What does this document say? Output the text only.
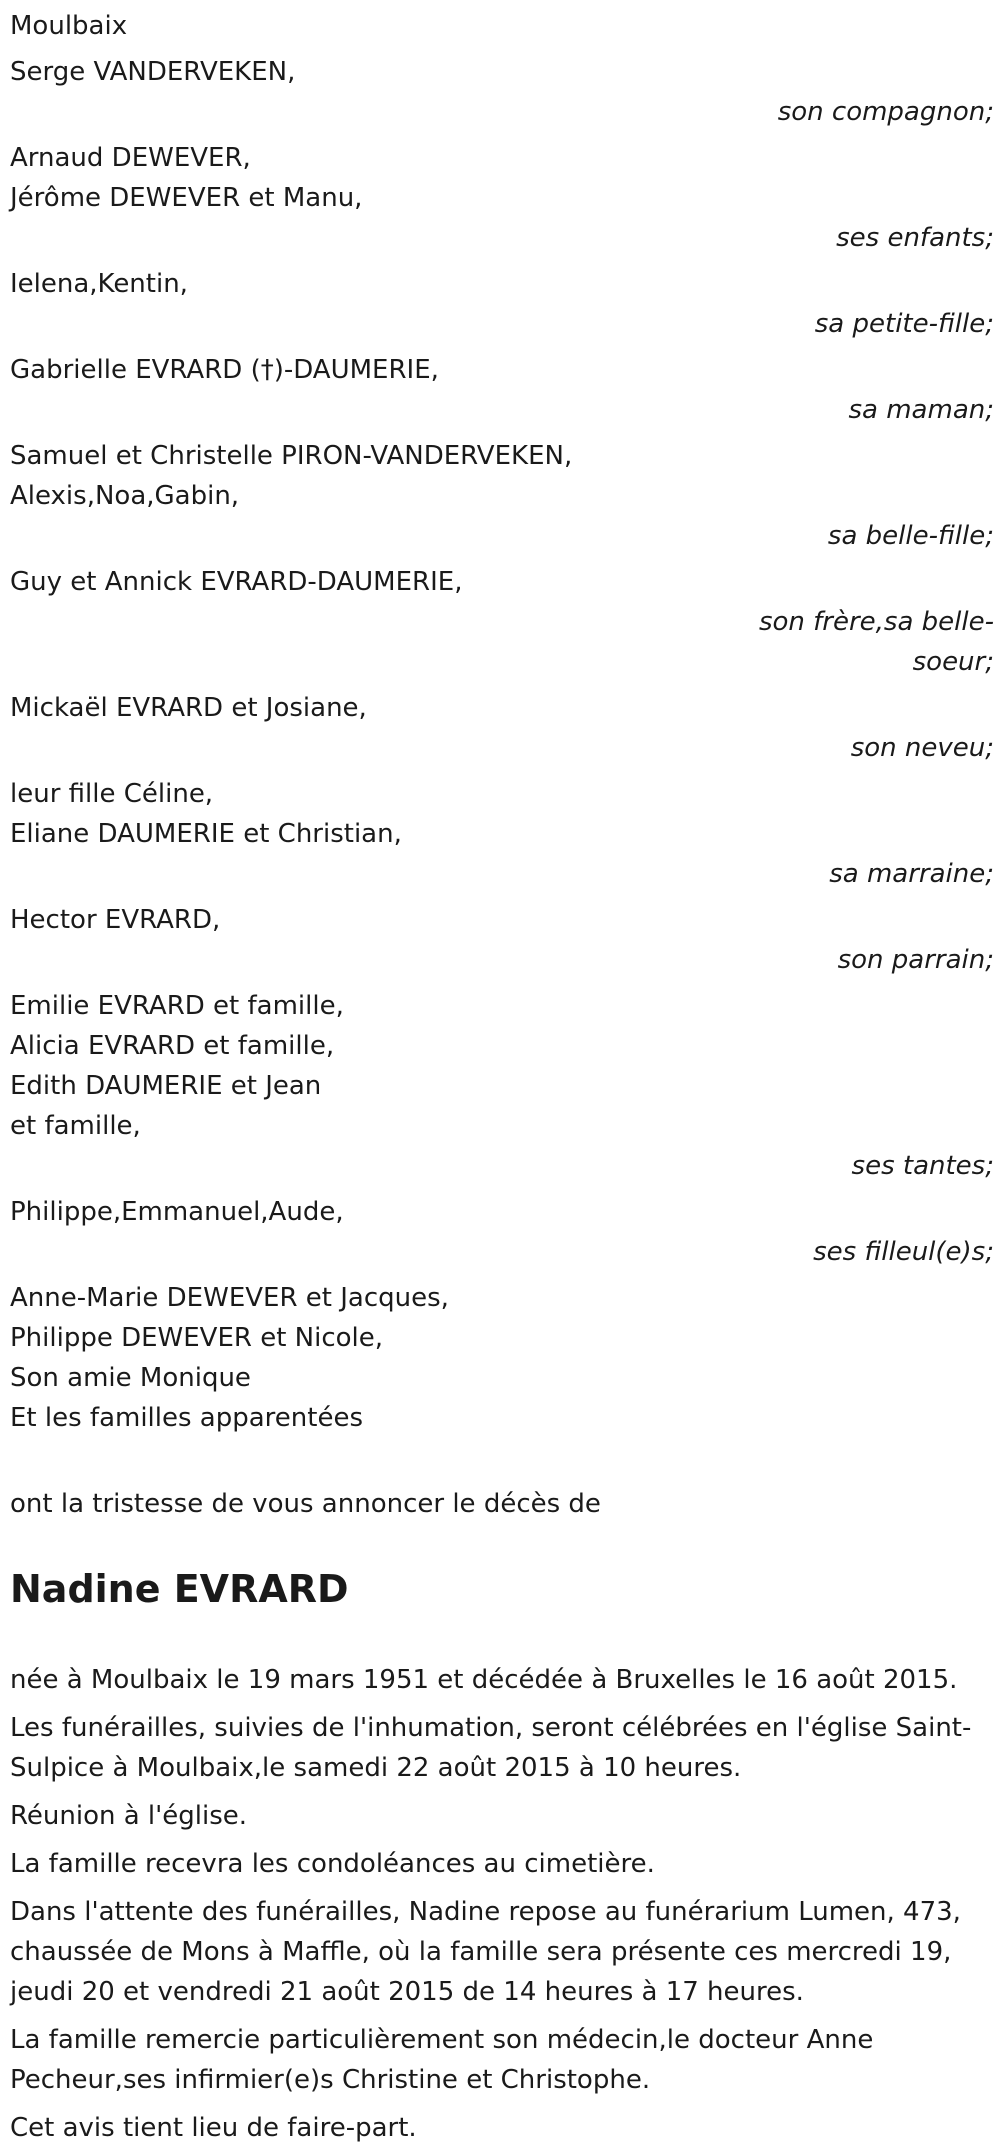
Moulbaix
Serge VANDERVEKEN,
son compagnon;
Arnaud DEWEVER,
Jérôme DEWEVER et Manu,
ses enfants;
Ielena,Kentin,
sa petite-fille;
Gabrielle EVRARD (†)-DAUMERIE,
sa maman;
Samuel et Christelle PIRON-VANDERVEKEN,
Alexis,Noa,Gabin,
sa belle-fille;
Guy et Annick EVRARD-DAUMERIE,
son frère,sa belle-
soeur;
Mickaël EVRARD et Josiane,
son neveu;
leur fille Céline,
Eliane DAUMERIE et Christian,
sa marraine;
Hector EVRARD,
son parrain;
Emilie EVRARD et famille,
Alicia EVRARD et famille,
Edith DAUMERIE et Jean
et famille,
ses tantes;
Philippe,Emmanuel,Aude,
ses filleul(e)s;
Anne-Marie DEWEVER et Jacques,
Philippe DEWEVER et Nicole,
Son amie Monique
Et les familles apparentées
ont la tristesse de vous annoncer le décès de
Nadine EVRARD
née à Moulbaix le 19 mars 1951 et décédée à Bruxelles le 16 août 2015.
Les funérailles, suivies de l'inhumation, seront célébrées en l'église Saint-
Sulpice à Moulbaix,le samedi 22 août 2015 à 10 heures.
Réunion à l'église.
La famille recevra les condoléances au cimetière.
Dans l'attente des funérailles, Nadine repose au funérarium Lumen, 473,
chaussée de Mons à Maffle, où la famille sera présente ces mercredi 19,
jeudi 20 et vendredi 21 août 2015 de 14 heures à 17 heures.
La famille remercie particulièrement son médecin,le docteur Anne
Pecheur,ses infirmier(e)s Christine et Christophe.
Cet avis tient lieu de faire-part.
